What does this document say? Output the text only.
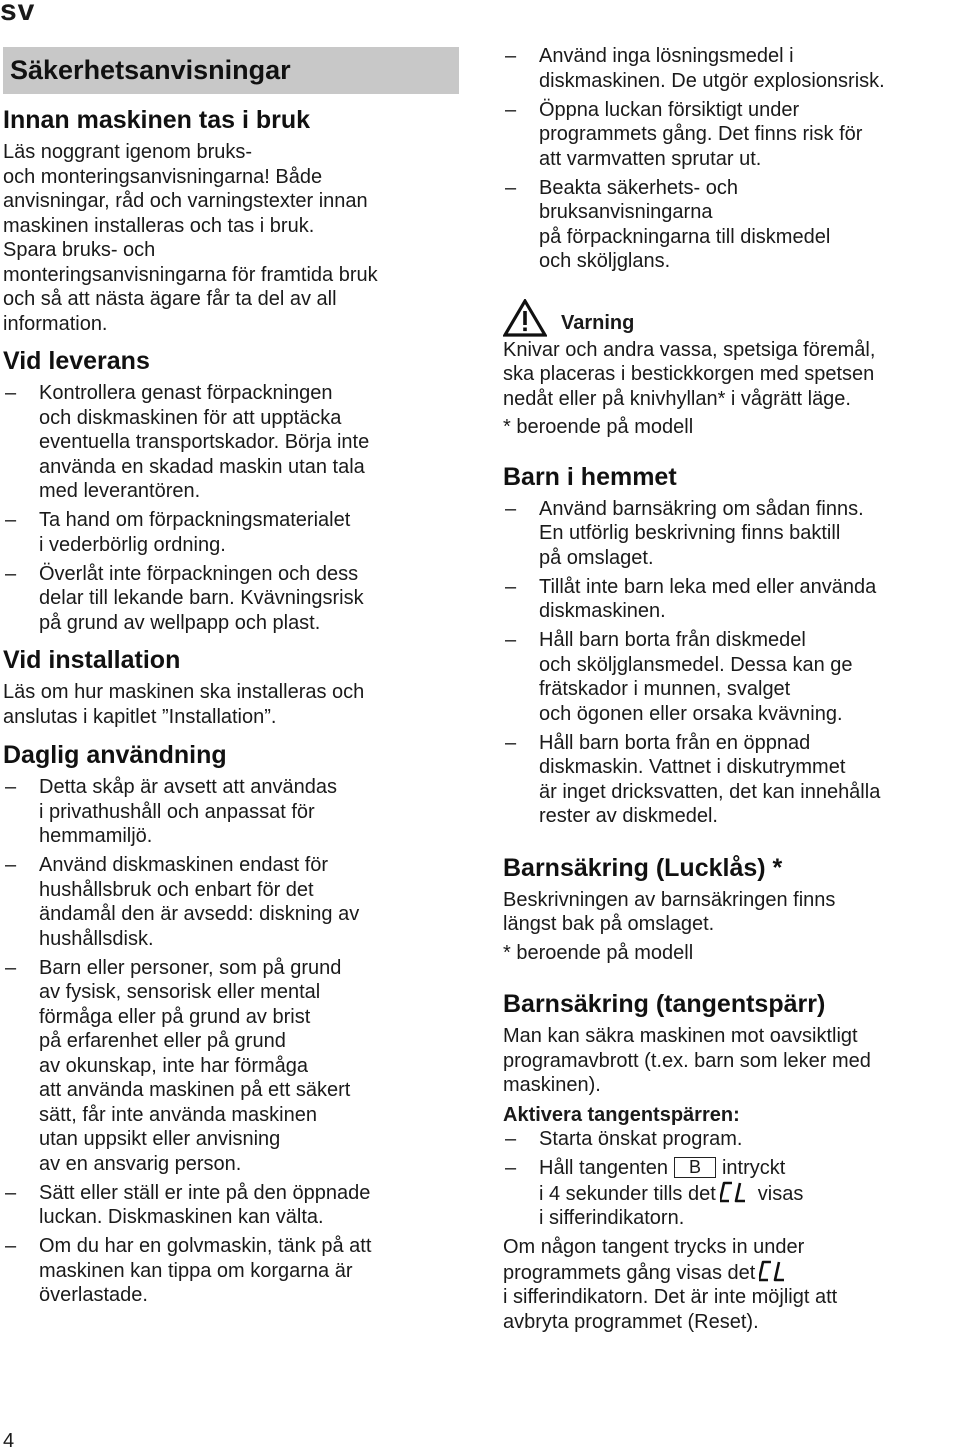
sv
Säkerhetsanvisningar
Innan maskinen tas i bruk

Läs noggrant igenom bruks-
och monteringsanvisningarna! Både
anvisningar, råd och varningstexter innan
maskinen installeras och tas i bruk.
Spara bruks- och
monteringsanvisningarna för framtida bruk
och så att nästa ägare får ta del av all
information.

Vid leverans
– Kontrollera genast förpackningen
och diskmaskinen för att upptäcka
eventuella transportskador. Börja inte
använda en skadad maskin utan tala
med leverantören.
– Ta hand om förpackningsmaterialet
i vederbörlig ordning.
– Överlåt inte förpackningen och dess
delar till lekande barn. Kvävningsrisk
på grund av wellpapp och plast.
Vid installation

Läs om hur maskinen ska installeras och
anslutas i kapitlet ”Installation”.

Daglig användning
– Detta skåp är avsett att användas
i privathushåll och anpassat för
hemmamiljö.
– Använd diskmaskinen endast för
hushållsbruk och enbart för det
ändamål den är avsedd: diskning av
hushållsdisk.
– Barn eller personer, som på grund
av fysisk, sensorisk eller mental
förmåga eller på grund av brist
på erfarenhet eller på grund
av okunskap, inte har förmåga
att använda maskinen på ett säkert
sätt, får inte använda maskinen
utan uppsikt eller anvisning
av en ansvarig person.
– Sätt eller ställ er inte på den öppnade
luckan. Diskmaskinen kan välta.
– Om du har en golvmaskin, tänk på att
maskinen kan tippa om korgarna är
överlastade.
– Använd inga lösningsmedel i
diskmaskinen. De utgör explosionsrisk.
– Öppna luckan försiktigt under
programmets gång. Det finns risk för
att varmvatten sprutar ut.
– Beakta säkerhets- och
bruksanvisningarna
på förpackningarna till diskmedel
och sköljglans.
Varning

Knivar och andra vassa, spetsiga föremål,
ska placeras i bestickkorgen med spetsen
nedåt eller på knivhyllan* i vågrätt läge.

* beroende på modell

Barn i hemmet
– Använd barnsäkring om sådan finns.
En utförlig beskrivning finns baktill
på omslaget.
– Tillåt inte barn leka med eller använda
diskmaskinen.
– Håll barn borta från diskmedel
och sköljglansmedel. Dessa kan ge
frätskador i munnen, svalget
och ögonen eller orsaka kvävning.
– Håll barn borta från en öppnad
diskmaskin. Vattnet i diskutrymmet
är inget dricksvatten, det kan innehålla
rester av diskmedel.
Barnsäkring (Lucklås) *

Beskrivningen av barnsäkringen finns
längst bak på omslaget.

* beroende på modell

Barnsäkring (tangentspärr)

Man kan säkra maskinen mot oavsiktligt
programavbrott (t.ex. barn som leker med
maskinen).

Aktivera tangentspärren:

– Starta önskat program.
– Håll tangenten B intryckt
i 4 sekunder tills det visas
i sifferindikatorn.

Om någon tangent trycks in under
programmets gång visas det
i sifferindikatorn. Det är inte möjligt att
avbryta programmet (Reset).

4
